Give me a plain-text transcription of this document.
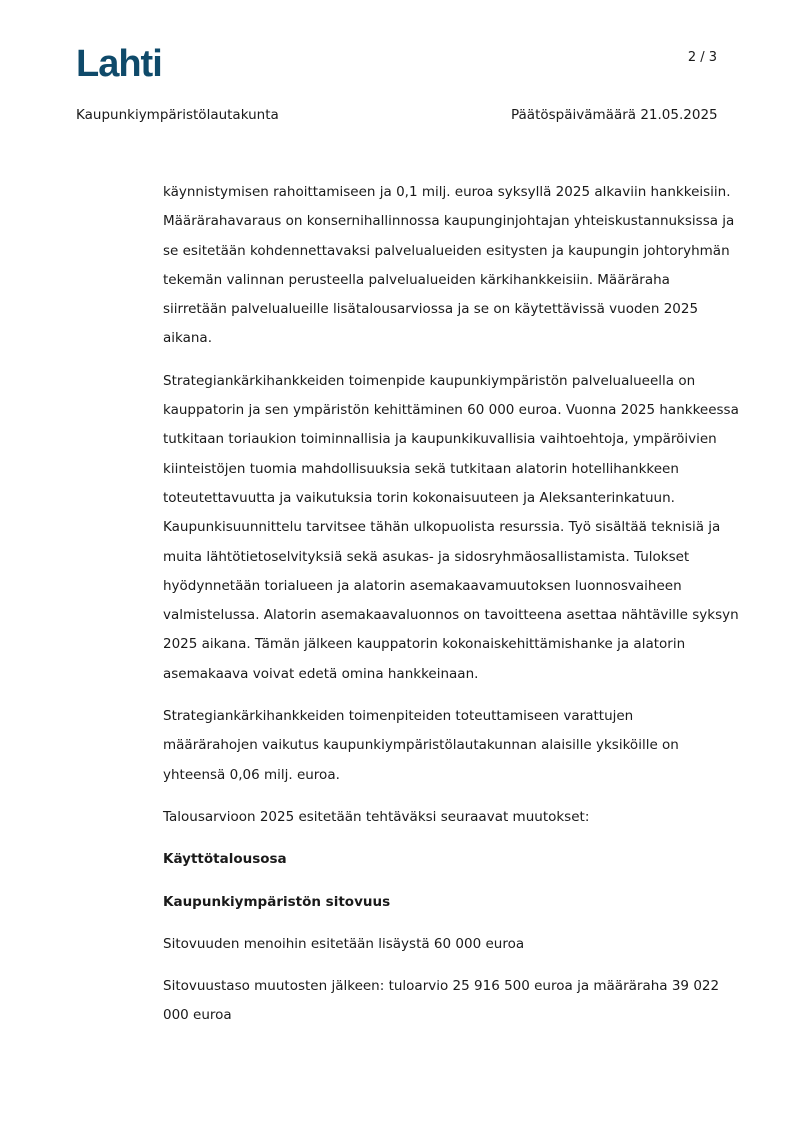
Lahti	2 / 3
Kaupunkiympäristölautakunta	Päätöspäivämäärä 21.05.2025

käynnistymisen rahoittamiseen ja 0,1 milj. euroa syksyllä 2025 alkaviin hankkeisiin.
Määrärahavaraus on konsernihallinnossa kaupunginjohtajan yhteiskustannuksissa ja
se esitetään kohdennettavaksi palvelualueiden esitysten ja kaupungin johtoryhmän
tekemän valinnan perusteella palvelualueiden kärkihankkeisiin. Määräraha
siirretään palvelualueille lisätalousarviossa ja se on käytettävissä vuoden 2025
aikana.

Strategiankärkihankkeiden toimenpide kaupunkiympäristön palvelualueella on
kauppatorin ja sen ympäristön kehittäminen 60 000 euroa. Vuonna 2025 hankkeessa
tutkitaan toriaukion toiminnallisia ja kaupunkikuvallisia vaihtoehtoja, ympäröivien
kiinteistöjen tuomia mahdollisuuksia sekä tutkitaan alatorin hotellihankkeen
toteutettavuutta ja vaikutuksia torin kokonaisuuteen ja Aleksanterinkatuun.
Kaupunkisuunnittelu tarvitsee tähän ulkopuolista resurssia. Työ sisältää teknisiä ja
muita lähtötietoselvityksiä sekä asukas- ja sidosryhmäosallistamista. Tulokset
hyödynnetään torialueen ja alatorin asemakaavamuutoksen luonnosvaiheen
valmistelussa. Alatorin asemakaavaluonnos on tavoitteena asettaa nähtäville syksyn
2025 aikana. Tämän jälkeen kauppatorin kokonaiskehittämishanke ja alatorin
asemakaava voivat edetä omina hankkeinaan.

Strategiankärkihankkeiden toimenpiteiden toteuttamiseen varattujen
määrärahojen vaikutus kaupunkiympäristölautakunnan alaisille yksiköille on
yhteensä 0,06 milj. euroa.

Talousarvioon 2025 esitetään tehtäväksi seuraavat muutokset:

Käyttötalousosa

Kaupunkiympäristön sitovuus

Sitovuuden menoihin esitetään lisäystä 60 000 euroa

Sitovuustaso muutosten jälkeen: tuloarvio 25 916 500 euroa ja määräraha 39 022
000 euroa
